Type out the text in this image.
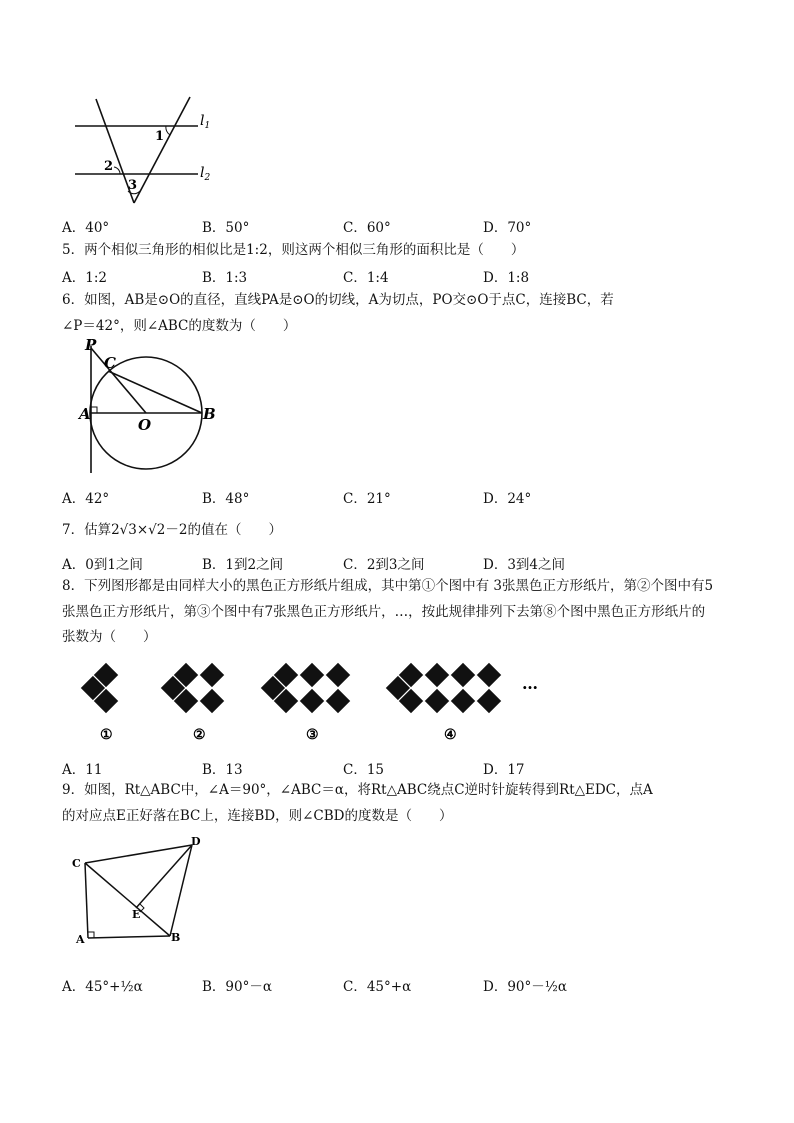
1
2
3
$l_1$
$l_2$
A．40°	B．50°	C．60°	D．70°
5．两个相似三角形的相似比是1:2，则这两个相似三角形的面积比是（　　）
A．1:2	B．1:3	C．1:4	D．1:8
6．如图，AB是⊙O的直径，直线PA是⊙O的切线，A为切点，PO交⊙O于点C，连接BC，若
∠P＝42°，则∠ABC的度数为（　　）
P
C
A
O
B
A．42°	B．48°	C．21°	D．24°
7．估算2√3×√2－2的值在（　　）
A．0到1之间	B．1到2之间	C．2到3之间	D．3到4之间
8．下列图形都是由同样大小的黑色正方形纸片组成，其中第①个图中有 3张黑色正方形纸片，第②个图中有5
张黑色正方形纸片，第③个图中有7张黑色正方形纸片，…，按此规律排列下去第⑧个图中黑色正方形纸片的
张数为（　　）
…
①	②	③	④
A．11	B．13	C．15	D．17
9．如图，Rt△ABC中，∠A＝90°，∠ABC＝α，将Rt△ABC绕点C逆时针旋转得到Rt△EDC，点A
的对应点E正好落在BC上，连接BD，则∠CBD的度数是（　　）
C
D
E
A	B
A．45°+½α	B．90°－α	C．45°+α	D．90°－½α
